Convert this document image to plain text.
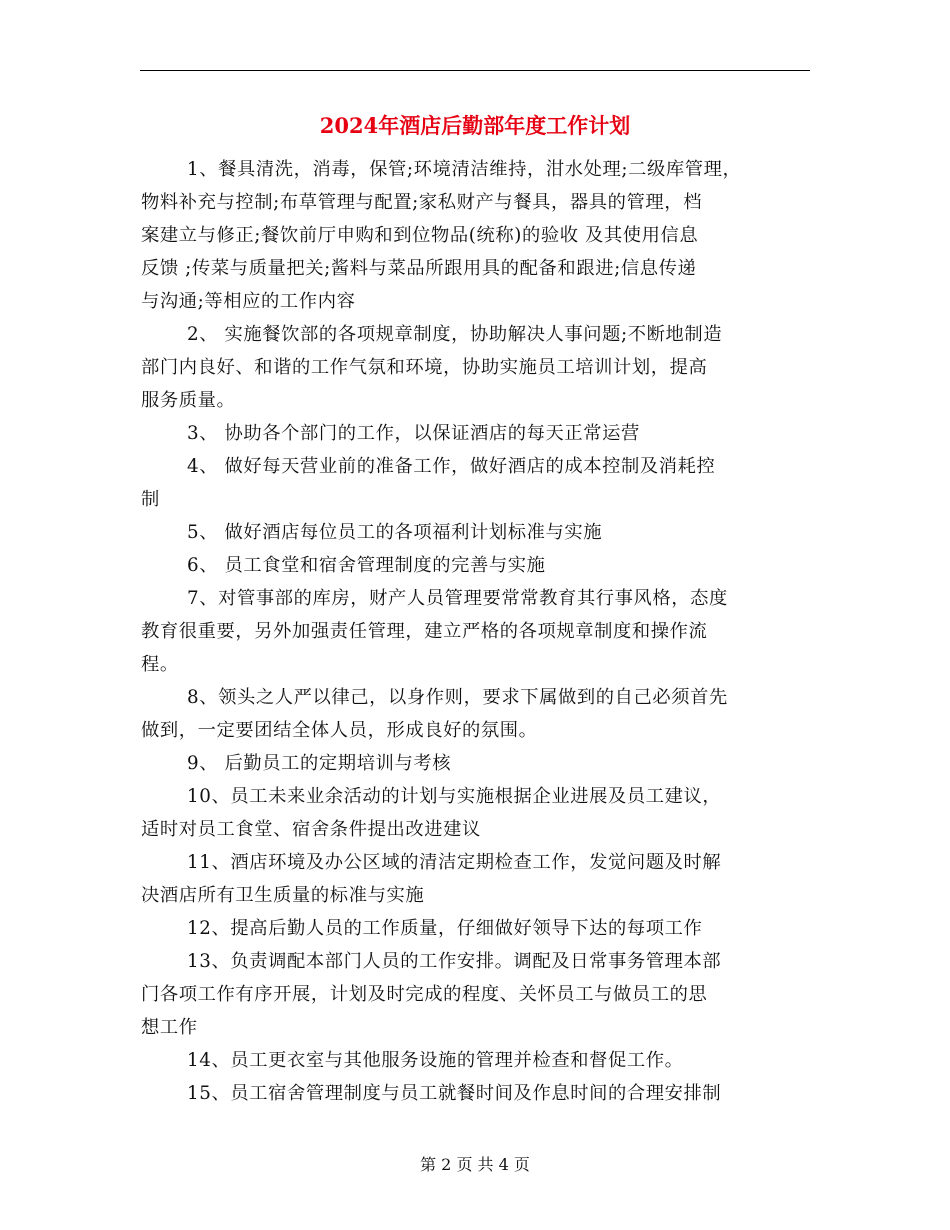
2024年酒店后勤部年度工作计划
1、餐具清洗，消毒，保管;环境清洁维持，泔水处理;二级库管理，
物料补充与控制;布草管理与配置;家私财产与餐具，器具的管理，档
案建立与修正;餐饮前厅申购和到位物品(统称)的验收 及其使用信息
反馈 ;传菜与质量把关;酱料与菜品所跟用具的配备和跟进;信息传递
与沟通;等相应的工作内容
2、 实施餐饮部的各项规章制度，协助解决人事问题;不断地制造
部门内良好、和谐的工作气氛和环境，协助实施员工培训计划，提高
服务质量。
3、 协助各个部门的工作，以保证酒店的每天正常运营
4、 做好每天营业前的准备工作，做好酒店的成本控制及消耗控
制
5、 做好酒店每位员工的各项福利计划标准与实施
6、 员工食堂和宿舍管理制度的完善与实施
7、对管事部的库房，财产人员管理要常常教育其行事风格，态度
教育很重要，另外加强责任管理，建立严格的各项规章制度和操作流
程。
8、领头之人严以律己，以身作则，要求下属做到的自己必须首先
做到，一定要团结全体人员，形成良好的氛围。
9、 后勤员工的定期培训与考核
10、员工未来业余活动的计划与实施根据企业进展及员工建议，
适时对员工食堂、宿舍条件提出改进建议
11、酒店环境及办公区域的清洁定期检查工作，发觉问题及时解
决酒店所有卫生质量的标准与实施
12、提高后勤人员的工作质量，仔细做好领导下达的每项工作
13、负责调配本部门人员的工作安排。调配及日常事务管理本部
门各项工作有序开展，计划及时完成的程度、关怀员工与做员工的思
想工作
14、员工更衣室与其他服务设施的管理并检查和督促工作。
15、员工宿舍管理制度与员工就餐时间及作息时间的合理安排制
第 2 页 共 4 页
